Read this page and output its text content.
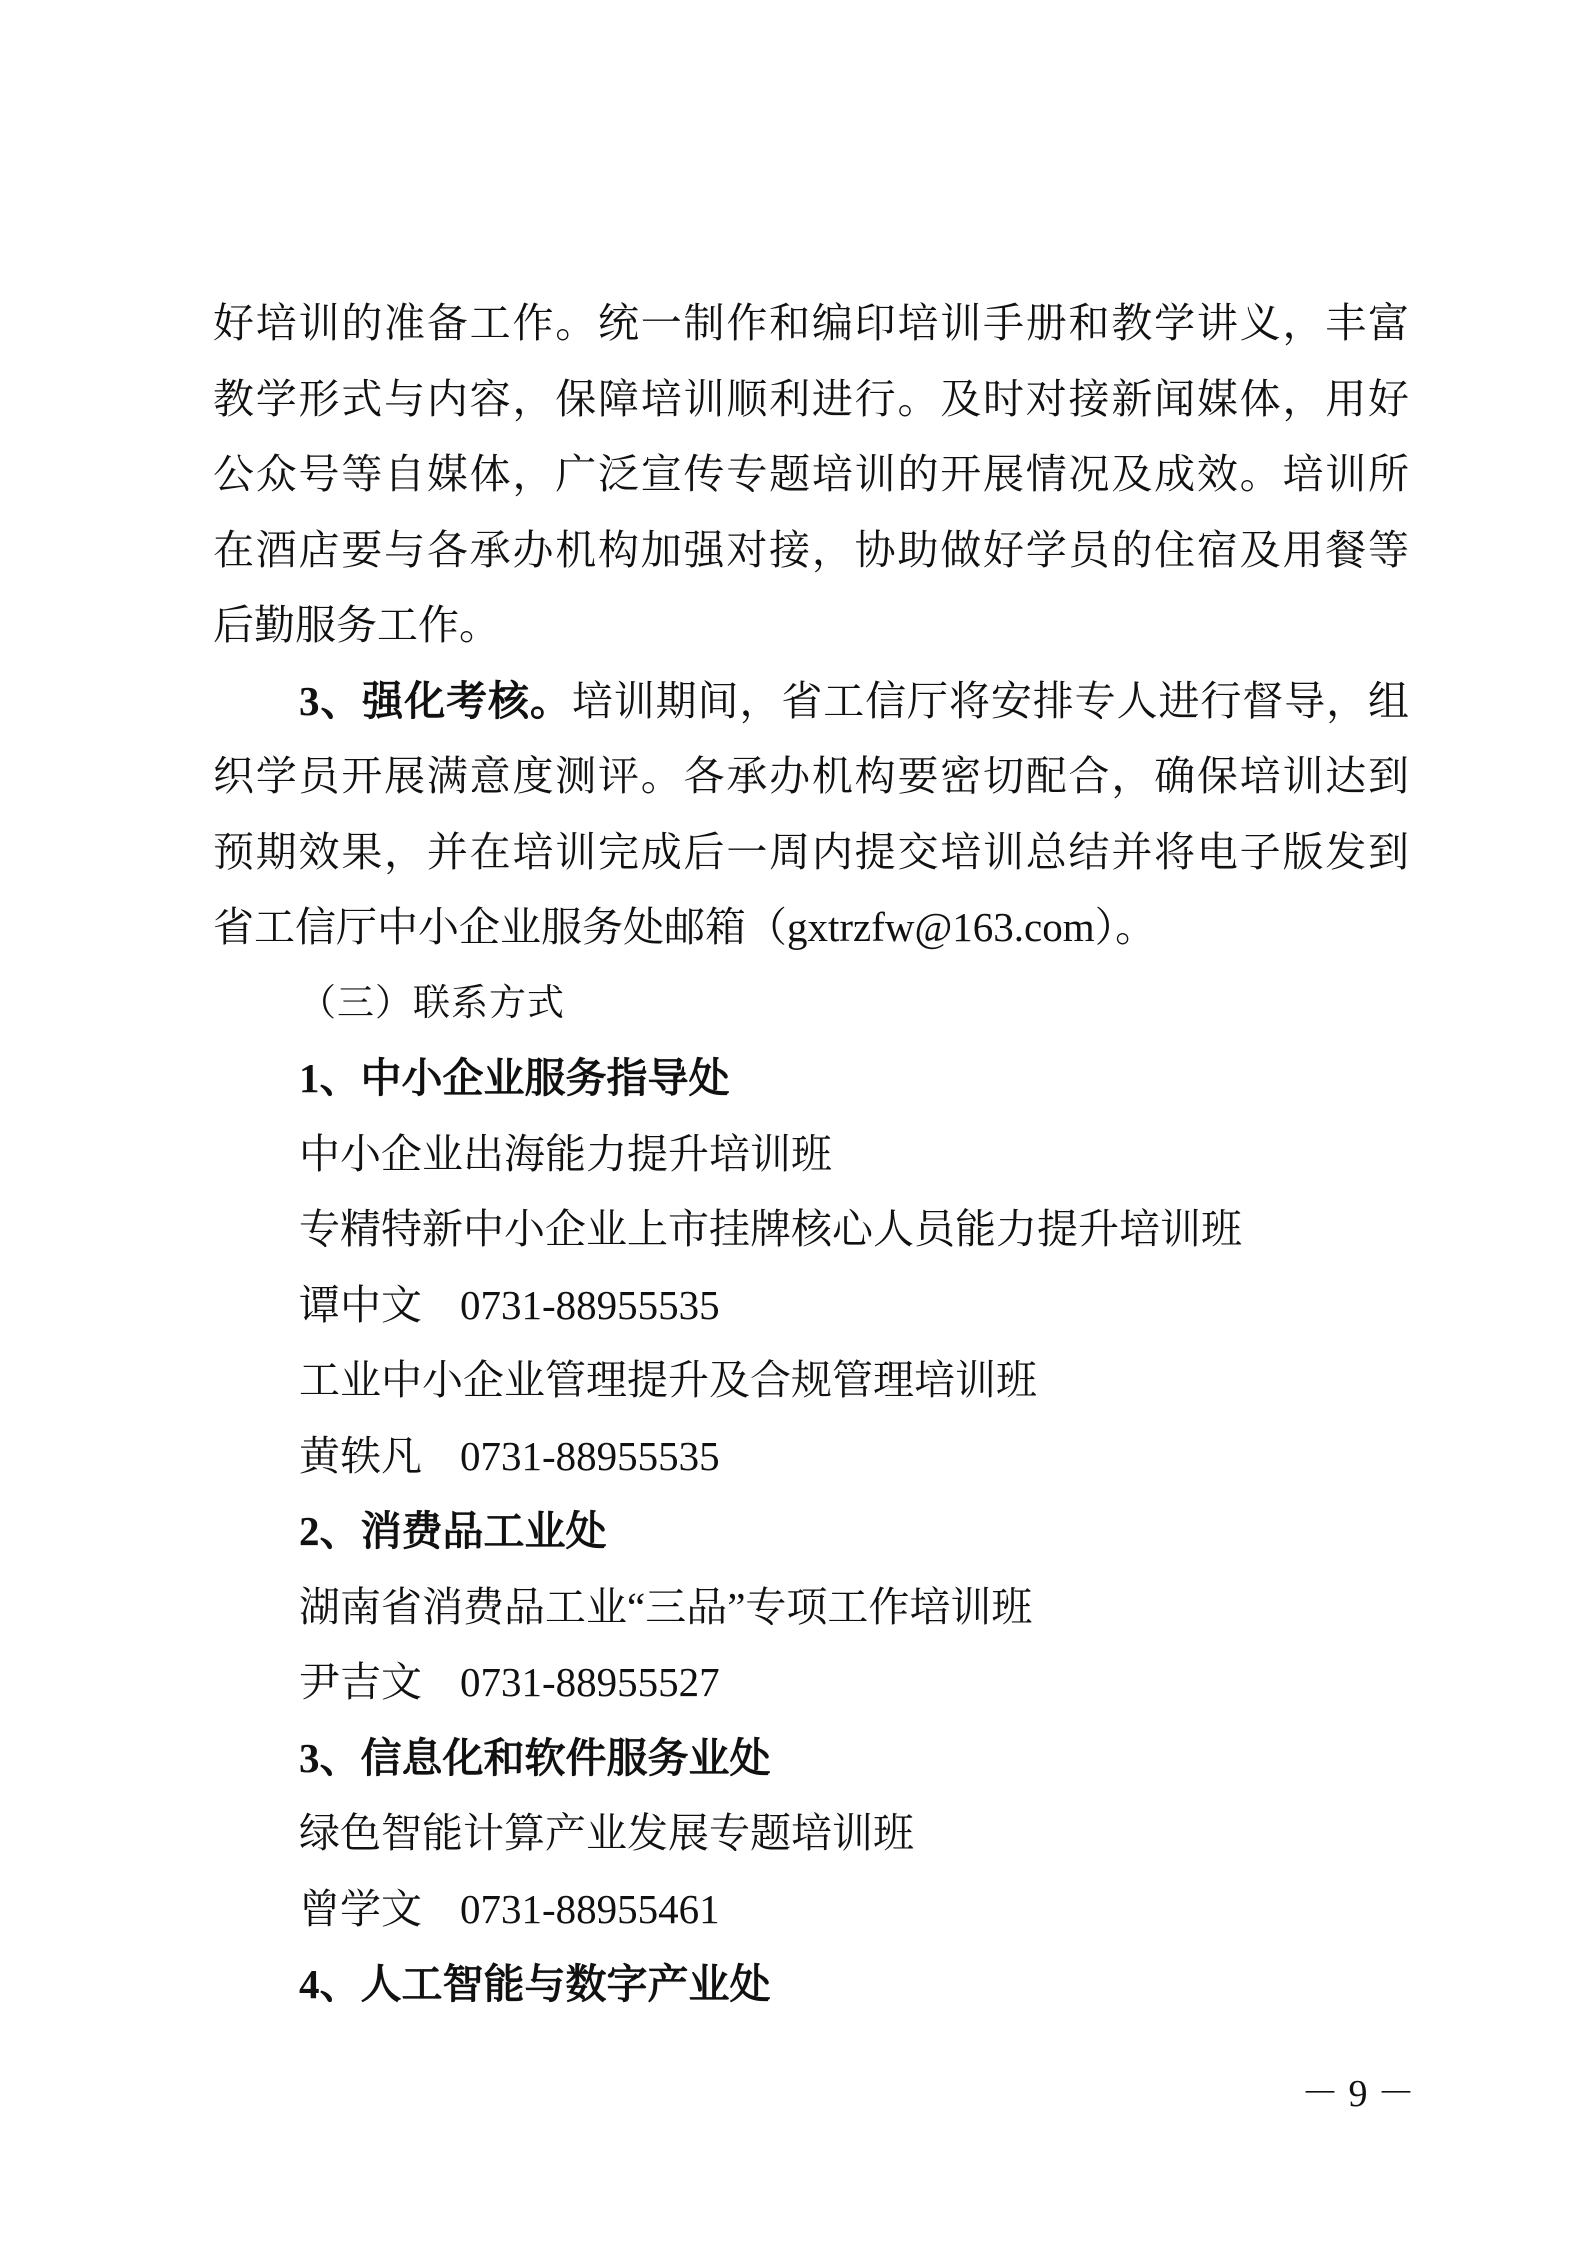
好培训的准备工作。统一制作和编印培训手册和教学讲义，丰富
教学形式与内容，保障培训顺利进行。及时对接新闻媒体，用好
公众号等自媒体，广泛宣传专题培训的开展情况及成效。培训所
在酒店要与各承办机构加强对接，协助做好学员的住宿及用餐等
后勤服务工作。
3、强化考核。培训期间，省工信厅将安排专人进行督导，组
织学员开展满意度测评。各承办机构要密切配合，确保培训达到
预期效果，并在培训完成后一周内提交培训总结并将电子版发到
省工信厅中小企业服务处邮箱（gxtrzfw@163.com）。
（三）联系方式
1、中小企业服务指导处
中小企业出海能力提升培训班
专精特新中小企业上市挂牌核心人员能力提升培训班
谭中文 0731-88955535
工业中小企业管理提升及合规管理培训班
黄轶凡 0731-88955535
2、消费品工业处
湖南省消费品工业“三品”专项工作培训班
尹吉文 0731-88955527
3、信息化和软件服务业处
绿色智能计算产业发展专题培训班
曾学文 0731-88955461
4、人工智能与数字产业处
－ 9 －
